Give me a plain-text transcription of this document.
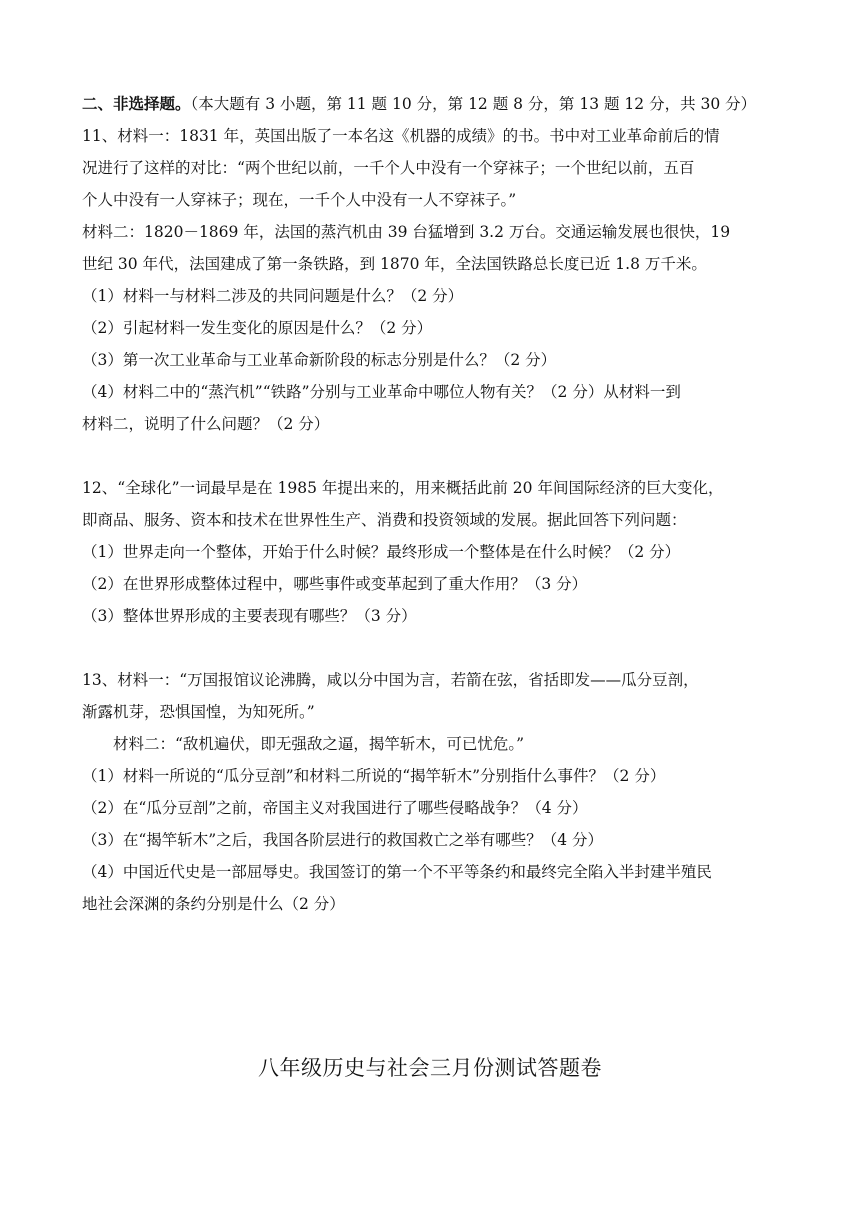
二、非选择题。（本大题有 3 小题，第 11 题 10 分，第 12 题 8 分，第 13 题 12 分，共 30 分）
11、材料一：1831 年，英国出版了一本名这《机器的成绩》的书。书中对工业革命前后的情
况进行了这样的对比：“两个世纪以前，一千个人中没有一个穿袜子；一个世纪以前，五百
个人中没有一人穿袜子；现在，一千个人中没有一人不穿袜子。”
材料二：1820－1869 年，法国的蒸汽机由 39 台猛增到 3.2 万台。交通运输发展也很快，19
世纪 30 年代，法国建成了第一条铁路，到 1870 年，全法国铁路总长度已近 1.8 万千米。
（1）材料一与材料二涉及的共同问题是什么？（2 分）
（2）引起材料一发生变化的原因是什么？（2 分）
（3）第一次工业革命与工业革命新阶段的标志分别是什么？（2 分）
（4）材料二中的“蒸汽机”“铁路”分别与工业革命中哪位人物有关？（2 分）从材料一到
材料二，说明了什么问题？（2 分）
12、“全球化”一词最早是在 1985 年提出来的，用来概括此前 20 年间国际经济的巨大变化，
即商品、服务、资本和技术在世界性生产、消费和投资领域的发展。据此回答下列问题：
（1）世界走向一个整体，开始于什么时候？最终形成一个整体是在什么时候？（2 分）
（2）在世界形成整体过程中，哪些事件或变革起到了重大作用？（3 分）
（3）整体世界形成的主要表现有哪些？（3 分）
13、材料一：“万国报馆议论沸腾，咸以分中国为言，若箭在弦，省括即发——瓜分豆剖，
渐露机芽，恐惧国惶，为知死所。”
材料二：“敌机遍伏，即无强敌之逼，揭竿斩木，可已忧危。”
（1）材料一所说的“瓜分豆剖”和材料二所说的“揭竿斩木”分别指什么事件？（2 分）
（2）在“瓜分豆剖”之前，帝国主义对我国进行了哪些侵略战争？（4 分）
（3）在“揭竿斩木”之后，我国各阶层进行的救国救亡之举有哪些？（4 分）
（4）中国近代史是一部屈辱史。我国签订的第一个不平等条约和最终完全陷入半封建半殖民
地社会深渊的条约分别是什么（2 分）
八年级历史与社会三月份测试答题卷
